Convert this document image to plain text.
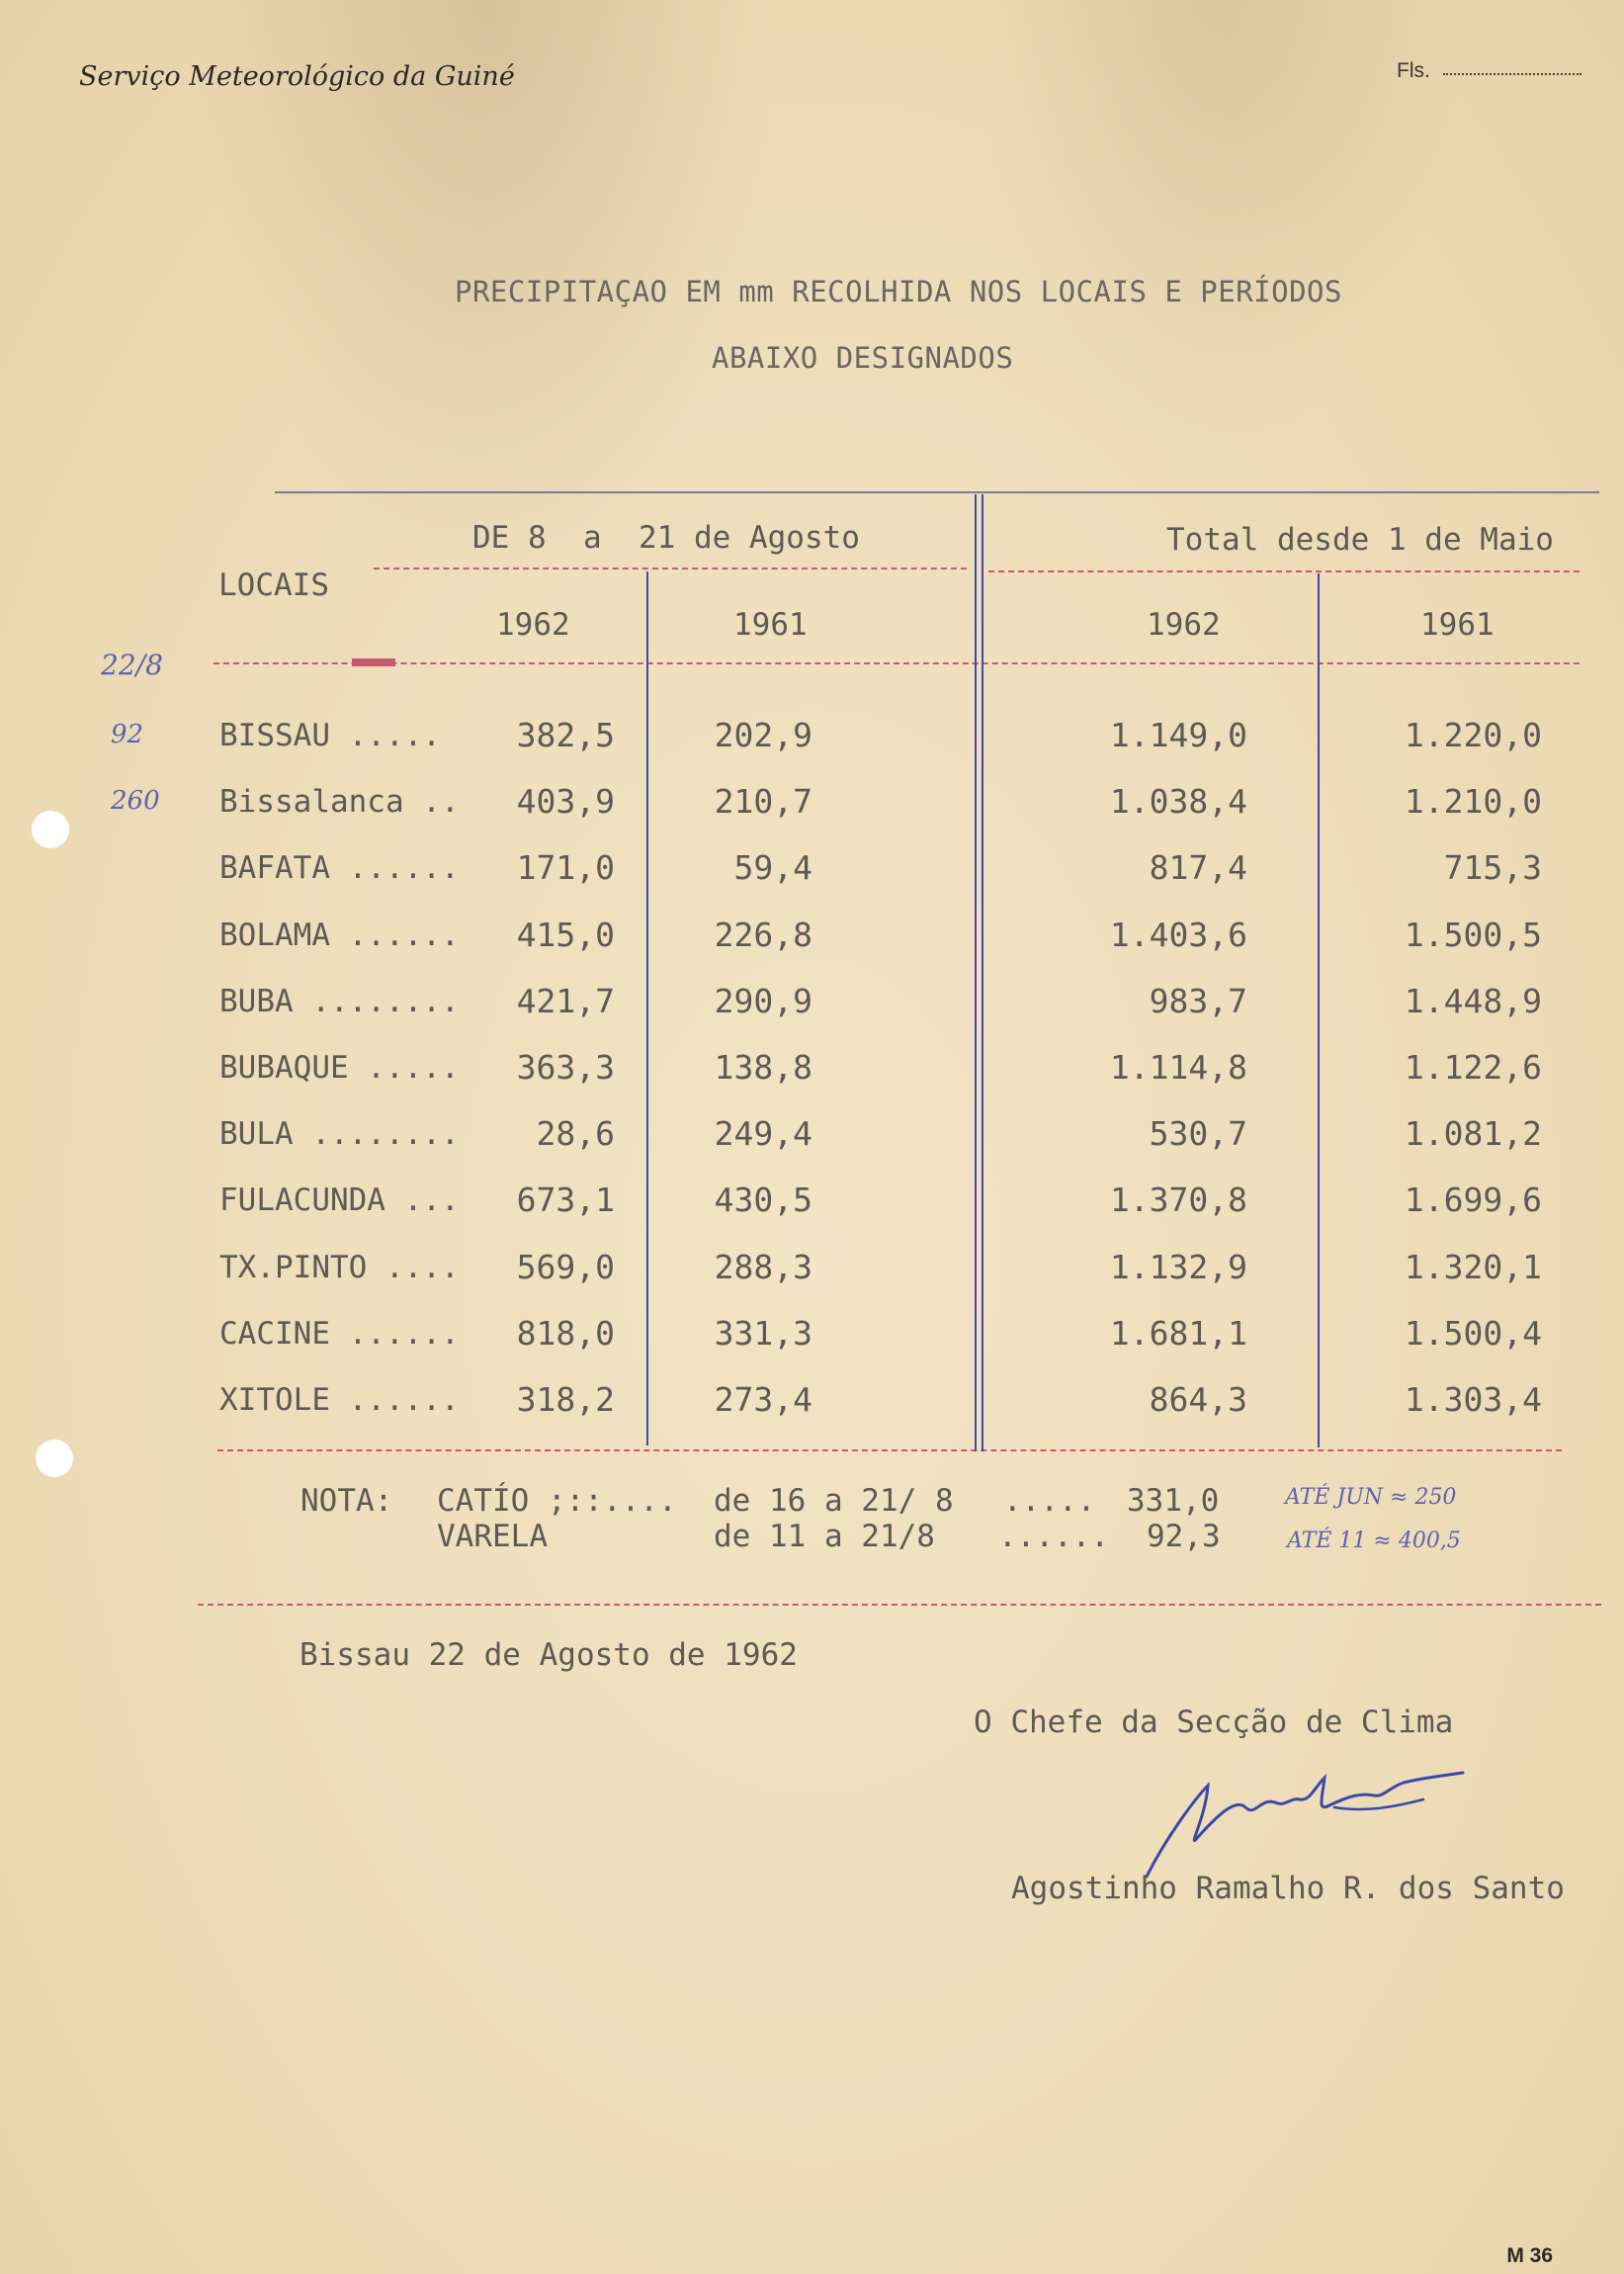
Serviço Meteorológico da Guiné	Fls.
PRECIPITAÇAO EM mm RECOLHIDA NOS LOCAIS E PERÍODOS
ABAIXO DESIGNADOS
LOCAIS
DE 8  a  21 de Agosto	Total desde 1 de Maio
1962	1961	1962	1961
22/8
BISSAU .....	382,5	202,9	1.149,0	1.220,0
92
Bissalanca ..	403,9	210,7	1.038,4	1.210,0
260
BAFATA ......	171,0	59,4	817,4	715,3
BOLAMA ......	415,0	226,8	1.403,6	1.500,5
BUBA ........	421,7	290,9	983,7	1.448,9
BUBAQUE .....	363,3	138,8	1.114,8	1.122,6
BULA ........	28,6	249,4	530,7	1.081,2
FULACUNDA ...	673,1	430,5	1.370,8	1.699,6
TX.PINTO ....	569,0	288,3	1.132,9	1.320,1
CACINE ......	818,0	331,3	1.681,1	1.500,4
XITOLE ......	318,2	273,4	864,3	1.303,4
NOTA: CATÍO ;::.... de 16 a 21/ 8 ..... 331,0
VARELA	de 11 a 21/8 ...... 92,3
ATÉ JUN ≈ 250
ATÉ 11 ≈ 400,5
Bissau 22 de Agosto de 1962
O Chefe da Secção de Clima
Agostinho Ramalho R. dos Santo
M 36
